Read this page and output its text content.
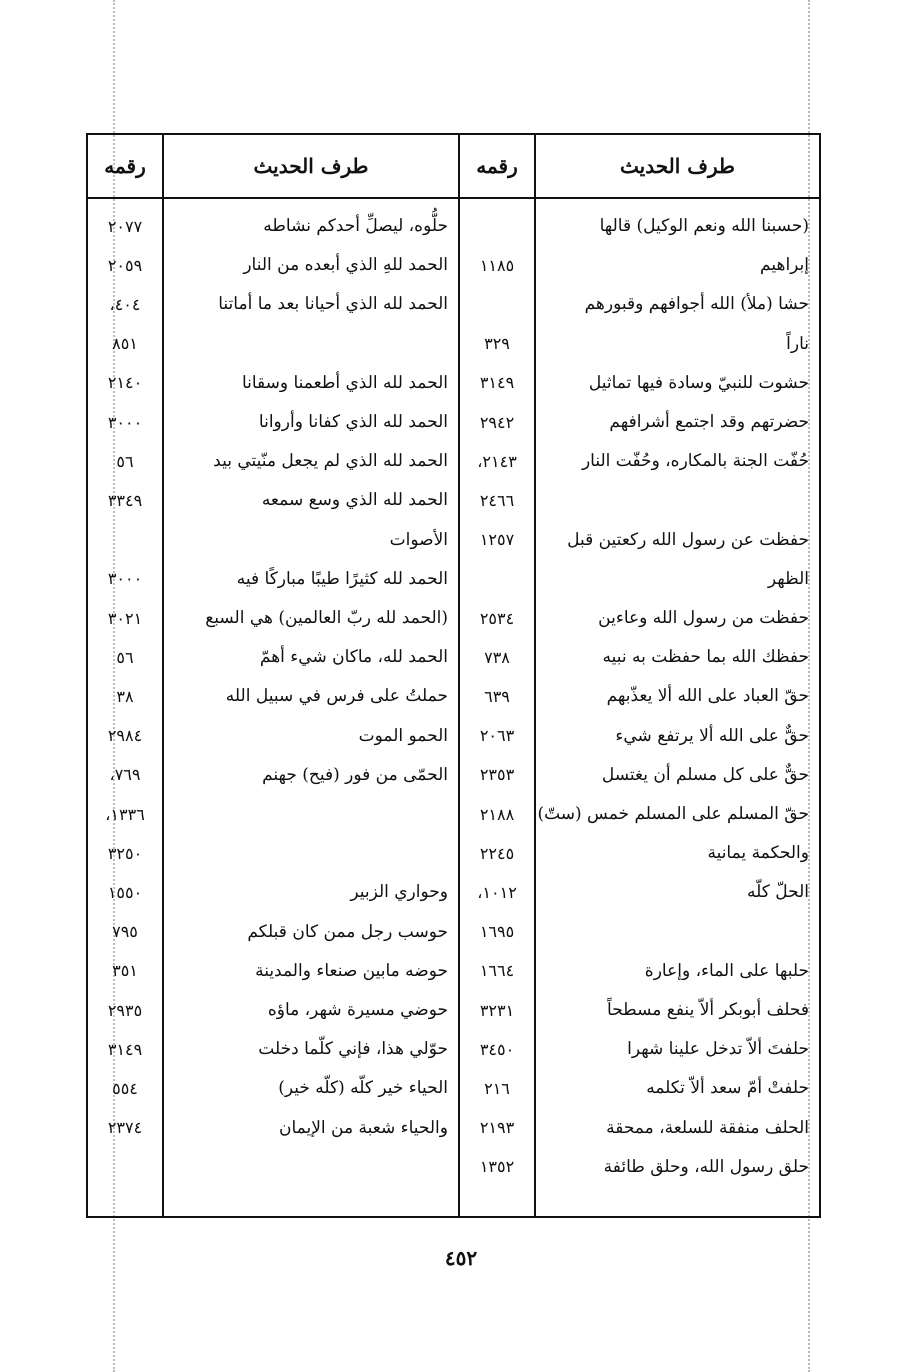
طرف الحديث
رقمه
طرف الحديث
رقمه
(حسبنا الله ونعم الوكيل) قالها
حلُّوه، ليصلِّ أحدكم نشاطه
٢٠٧٧
إبراهيم
١١٨٥
الحمد للهِ الذي أبعده من النار
٢٠٥٩
حشا (ملأ) الله أجوافهم وقبورهم
الحمد لله الذي أحيانا بعد ما أماتنا
٤٠٤،
ناراً
٣٢٩
٨٥١
حشوت للنبيّ وسادة فيها تماثيل
٣١٤٩
الحمد لله الذي أطعمنا وسقانا
٢١٤٠
حضرتهم وقد اجتمع أشرافهم
٢٩٤٢
الحمد لله الذي كفانا وأروانا
٣٠٠٠
حُفّت الجنة بالمكاره، وحُفّت النار
٢١٤٣،
الحمد لله الذي لم يجعل منّيتي بيد
٥٦
٢٤٦٦
الحمد لله الذي وسع سمعه
٣٣٤٩
حفظت عن رسول الله ركعتين قبل
١٢٥٧
الأصوات
الظهر
الحمد لله كثيرًا طيبًا مباركًا فيه
٣٠٠٠
حفظت من رسول الله وعاءين
٢٥٣٤
(الحمد لله ربّ العالمين) هي السبع
٣٠٢١
حفظك الله بما حفظت به نبيه
٧٣٨
الحمد لله، ماكان شيء أهمّ
٥٦
حقّ العباد على الله ألا يعذّبهم
٦٣٩
حملتُ على فرس في سبيل الله
٣٨
حقٌّ على الله ألا يرتفع شيء
٢٠٦٣
الحمو الموت
٢٩٨٤
حقٌّ على كل مسلم أن يغتسل
٢٣٥٣
الحمّى من فور (فيح) جهنم
٧٦٩،
حقّ المسلم على المسلم خمس (ستّ)
٢١٨٨
١٣٣٦،
والحكمة يمانية
٢٢٤٥
٣٢٥٠
الحلّ كلّه
١٠١٢،
وحواري الزبير
١٥٥٠
١٦٩٥
حوسب رجل ممن كان قبلكم
٧٩٥
حلبها على الماء، وإعارة
١٦٦٤
حوضه مابين صنعاء والمدينة
٣٥١
فحلف أبوبكر ألاّ ينفع مسطحاً
٣٢٣١
حوضي مسيرة شهر، ماؤه
٢٩٣٥
حلفتَ ألاّ تدخل علينا شهرا
٣٤٥٠
حوّلي هذا، فإني كلّما دخلت
٣١٤٩
حلفتْ أمّ سعد ألاّ تكلمه
٢١٦
الحياء خير كلّه (كلّه خير)
٥٥٤
الحلف منفقة للسلعة، ممحقة
٢١٩٣
والحياء شعبة من الإيمان
٢٣٧٤
حلق رسول الله، وحلق طائفة
١٣٥٢
٤٥٢
